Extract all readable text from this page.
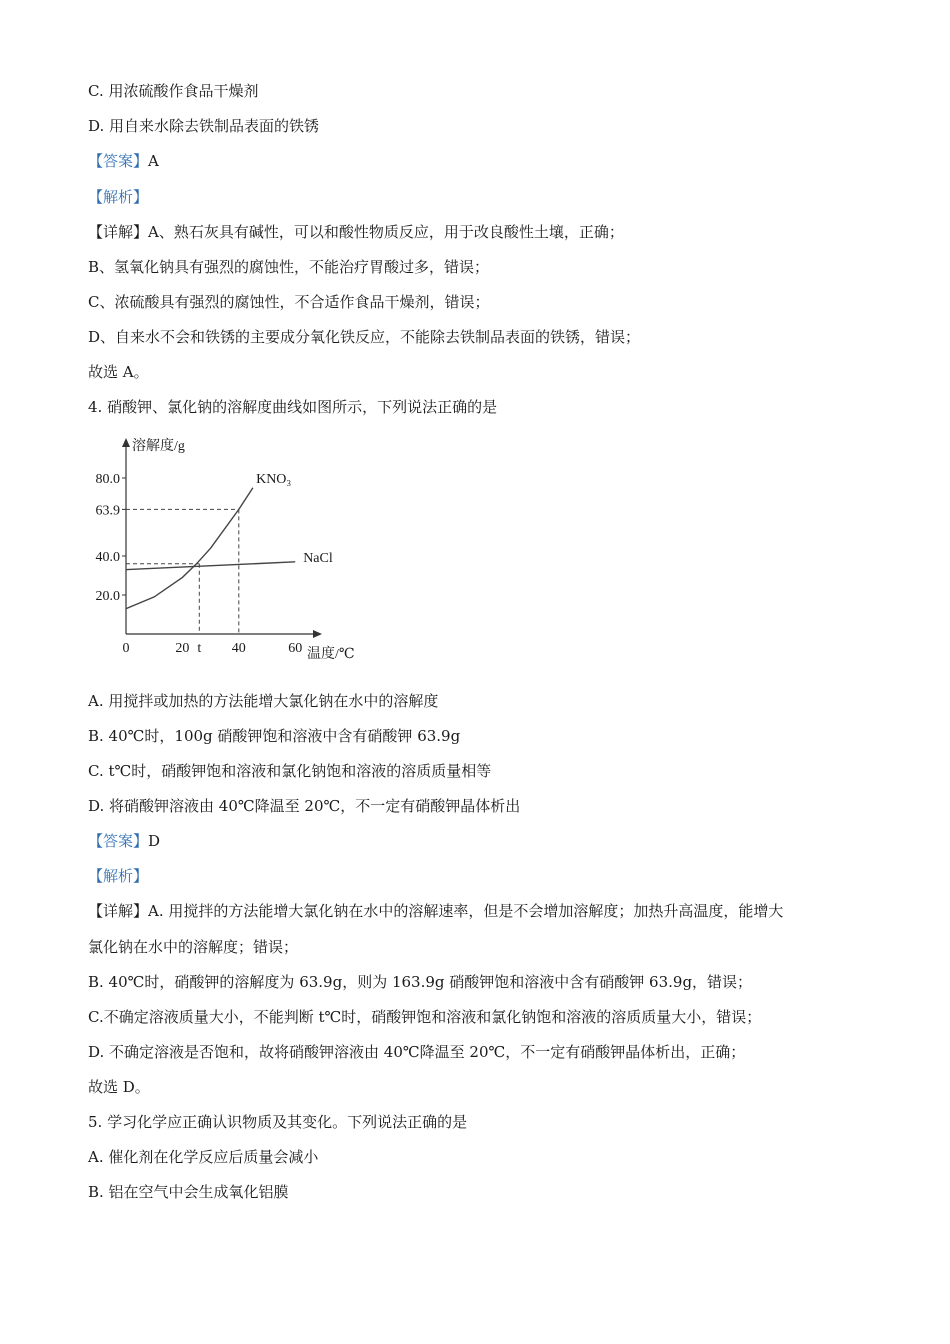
C. 用浓硫酸作食品干燥剂
D. 用自来水除去铁制品表面的铁锈
【答案】A
【解析】
【详解】A、熟石灰具有碱性，可以和酸性物质反应，用于改良酸性土壤，正确；
B、氢氧化钠具有强烈的腐蚀性，不能治疗胃酸过多，错误；
C、浓硫酸具有强烈的腐蚀性，不合适作食品干燥剂，错误；
D、自来水不会和铁锈的主要成分氧化铁反应，不能除去铁制品表面的铁锈，错误；
故选 A。
4. 硝酸钾、氯化钠的溶解度曲线如图所示，下列说法正确的是
溶解度/g
温度/℃
80.0
63.9
40.0
20.0
0	20 t 40	60
KNO₃
NaCl
A. 用搅拌或加热的方法能增大氯化钠在水中的溶解度
B. 40℃时，100g 硝酸钾饱和溶液中含有硝酸钾 63.9g
C. t℃时，硝酸钾饱和溶液和氯化钠饱和溶液的溶质质量相等
D. 将硝酸钾溶液由 40℃降温至 20℃，不一定有硝酸钾晶体析出
【答案】D
【解析】
【详解】A. 用搅拌的方法能增大氯化钠在水中的溶解速率，但是不会增加溶解度；加热升高温度，能增大
氯化钠在水中的溶解度；错误；
B. 40℃时，硝酸钾的溶解度为 63.9g，则为 163.9g 硝酸钾饱和溶液中含有硝酸钾 63.9g，错误；
C.不确定溶液质量大小，不能判断 t℃时，硝酸钾饱和溶液和氯化钠饱和溶液的溶质质量大小，错误；
D. 不确定溶液是否饱和，故将硝酸钾溶液由 40℃降温至 20℃，不一定有硝酸钾晶体析出，正确；
故选 D。
5. 学习化学应正确认识物质及其变化。下列说法正确的是
A. 催化剂在化学反应后质量会减小
B. 铝在空气中会生成氧化铝膜
